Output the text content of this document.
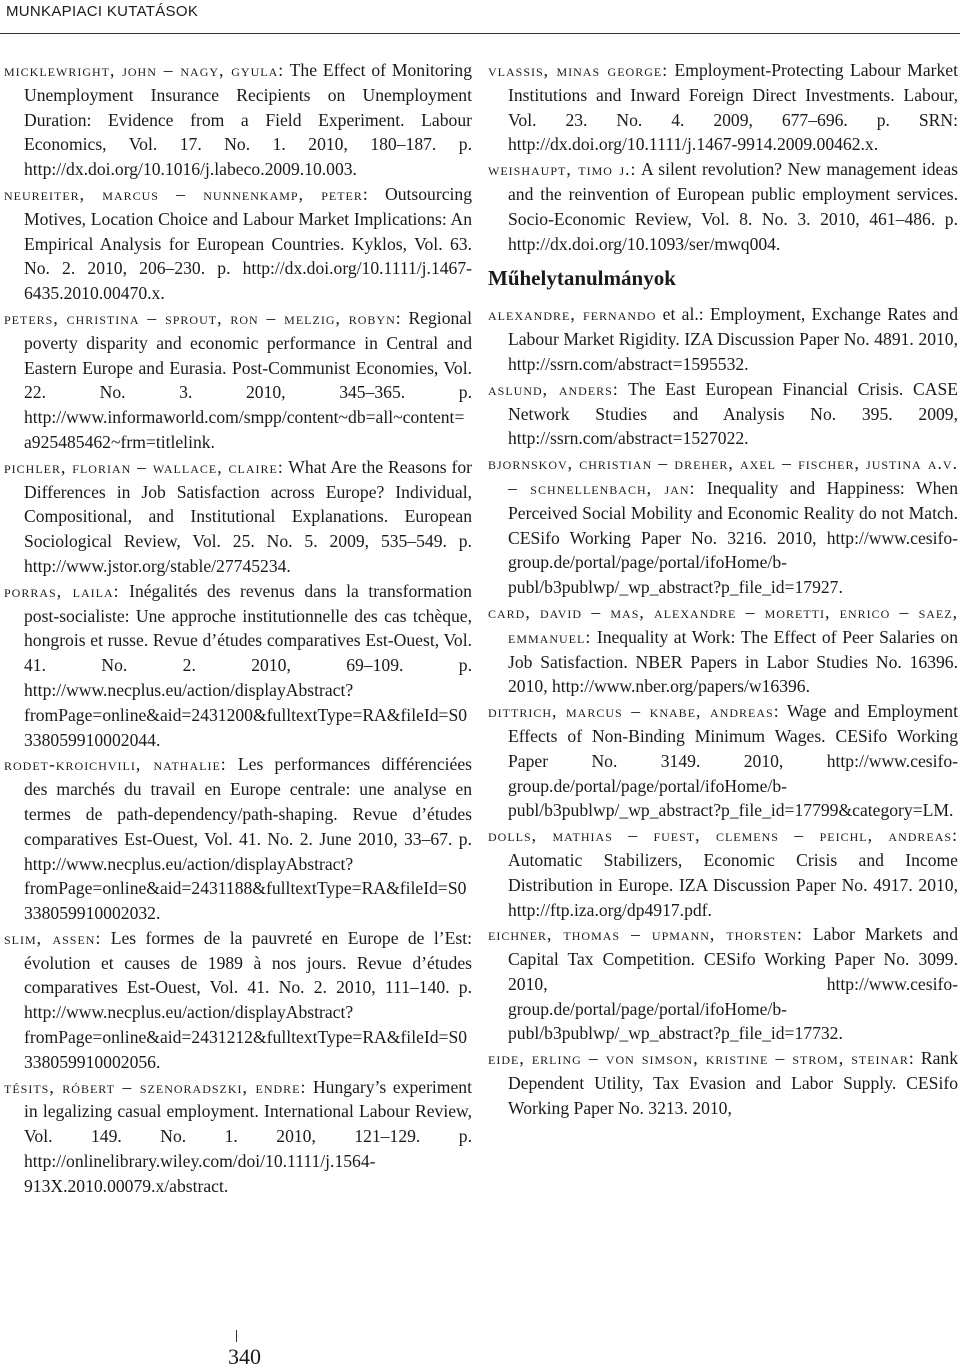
MUNKAPIACI KUTATÁSOK

micklewright, john – nagy, gyula: The Effect of Monitoring Unemployment Insurance Recipients on Unemployment Duration: Evidence from a Field Experiment. Labour Economics, Vol. 17. No. 1. 2010, 180–187. p. http://dx.doi.org/10.1016/j.labeco.2009.10.003.

neureiter, marcus – nunnenkamp, peter: Outsourcing Motives, Location Choice and Labour Market Implications: An Empirical Analysis for European Countries. Kyklos, Vol. 63. No. 2. 2010, 206–230. p. http://dx.doi.org/10.1111/j.1467-6435.2010.00470.x.

peters, christina – sprout, ron – melzig, robyn: Regional poverty disparity and economic performance in Central and Eastern Europe and Eurasia. Post-Communist Economies, Vol. 22. No. 3. 2010, 345–365. p. http://www.informaworld.com/smpp/content~db=all~content=a925485462~frm=titlelink.

pichler, florian – wallace, claire: What Are the Reasons for Differences in Job Satisfaction across Europe? Individual, Compositional, and Institutional Explanations. European Sociological Review, Vol. 25. No. 5. 2009, 535–549. p. http://www.jstor.org/stable/27745234.

porras, laila: Inégalités des revenus dans la transformation post-socialiste: Une approche institutionnelle des cas tchèque, hongrois et russe. Revue d’études comparatives Est-Ouest, Vol. 41. No. 2. 2010, 69–109. p. http://www.necplus.eu/action/displayAbstract?fromPage=online&aid=2431200&fulltextType=RA&fileId=S0338059910002044.

rodet-kroichvili, nathalie: Les performances différenciées des marchés du travail en Europe centrale: une analyse en termes de path-dependency/path-shaping. Revue d’études comparatives Est-Ouest, Vol. 41. No. 2. June 2010, 33–67. p. http://www.necplus.eu/action/displayAbstract?fromPage=online&aid=2431188&fulltextType=RA&fileId=S0338059910002032.

slim, assen: Les formes de la pauvreté en Europe de l’Est: évolution et causes de 1989 à nos jours. Revue d’études comparatives Est-Ouest, Vol. 41. No. 2. 2010, 111–140. p. http://www.necplus.eu/action/displayAbstract?fromPage=online&aid=2431212&fulltextType=RA&fileId=S0338059910002056.

tésits, róbert – szenoradszki, endre: Hungary’s experiment in legalizing casual employment. International Labour Review, Vol. 149. No. 1. 2010, 121–129. p. http://onlinelibrary.wiley.com/doi/10.1111/j.1564-913X.2010.00079.x/abstract.

vlassis, minas george: Employment-Protecting Labour Market Institutions and Inward Foreign Direct Investments. Labour, Vol. 23. No. 4. 2009, 677–696. p. SRN: http://dx.doi.org/10.1111/j.1467-9914.2009.00462.x.

weishaupt, timo j.: A silent revolution? New management ideas and the reinvention of European public employment services. Socio-Economic Review, Vol. 8. No. 3. 2010, 461–486. p. http://dx.doi.org/10.1093/ser/mwq004.

Műhelytanulmányok

alexandre, fernando et al.: Employment, Exchange Rates and Labour Market Rigidity. IZA Discussion Paper No. 4891. 2010, http://ssrn.com/abstract=1595532.

aslund, anders: The East European Financial Crisis. CASE Network Studies and Analysis No. 395. 2009, http://ssrn.com/abstract=1527022.

bjornskov, christian – dreher, axel – fischer, justina a.v. – schnellenbach, jan: Inequality and Happiness: When Perceived Social Mobility and Economic Reality do not Match. CESifo Working Paper No. 3216. 2010, http://www.cesifo-group.de/portal/page/portal/ifoHome/b-publ/b3publwp/_wp_abstract?p_file_id=17927.

card, david – mas, alexandre – moretti, enrico – saez, emmanuel: Inequality at Work: The Effect of Peer Salaries on Job Satisfaction. NBER Papers in Labor Studies No. 16396. 2010, http://www.nber.org/papers/w16396.

dittrich, marcus – knabe, andreas: Wage and Employment Effects of Non-Binding Minimum Wages. CESifo Working Paper No. 3149. 2010, http://www.cesifo-group.de/portal/page/portal/ifoHome/b-publ/b3publwp/_wp_abstract?p_file_id=17799&category=LM.

dolls, mathias – fuest, clemens – peichl, andreas: Automatic Stabilizers, Economic Crisis and Income Distribution in Europe. IZA Discussion Paper No. 4917. 2010, http://ftp.iza.org/dp4917.pdf.

eichner, thomas – upmann, thorsten: Labor Markets and Capital Tax Competition. CESifo Working Paper No. 3099. 2010, http://www.cesifo-group.de/portal/page/portal/ifoHome/b-publ/b3publwp/_wp_abstract?p_file_id=17732.

eide, erling – von simson, kristine – strom, steinar: Rank Dependent Utility, Tax Evasion and Labor Supply. CESifo Working Paper No. 3213. 2010,

340
